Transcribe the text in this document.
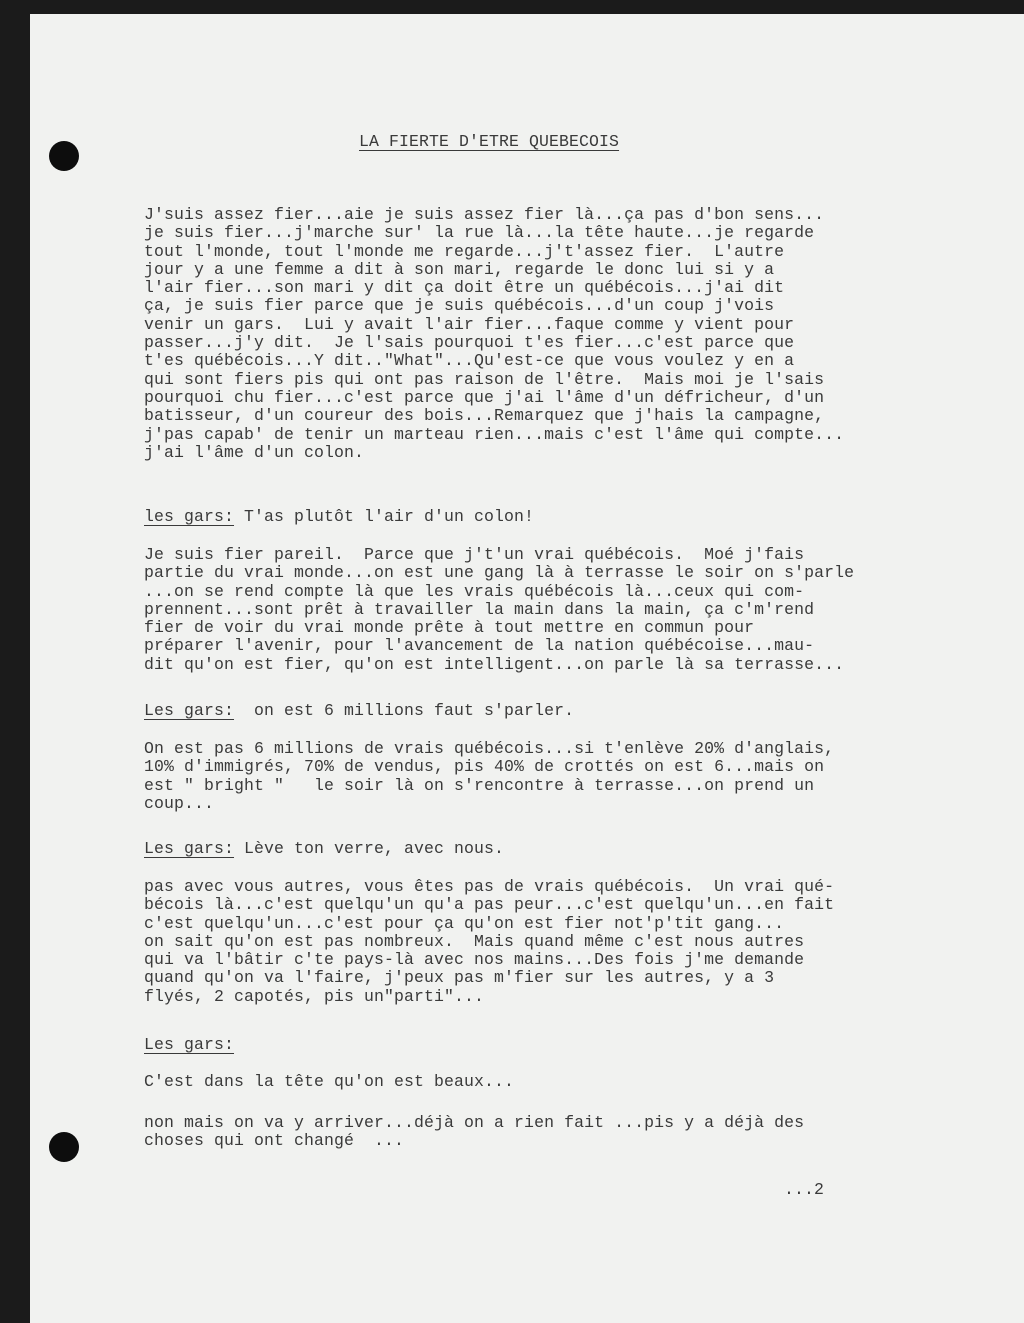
LA FIERTE D'ETRE QUEBECOIS

J'suis assez fier...aie je suis assez fier là...ça pas d'bon sens...
je suis fier...j'marche sur' la rue là...la tête haute...je regarde
tout l'monde, tout l'monde me regarde...j't'assez fier.  L'autre
jour y a une femme a dit à son mari, regarde le donc lui si y a
l'air fier...son mari y dit ça doit être un québécois...j'ai dit
ça, je suis fier parce que je suis québécois...d'un coup j'vois
venir un gars.  Lui y avait l'air fier...faque comme y vient pour
passer...j'y dit.  Je l'sais pourquoi t'es fier...c'est parce que
t'es québécois...Y dit.."What"...Qu'est-ce que vous voulez y en a
qui sont fiers pis qui ont pas raison de l'être.  Mais moi je l'sais
pourquoi chu fier...c'est parce que j'ai l'âme d'un défricheur, d'un
batisseur, d'un coureur des bois...Remarquez que j'hais la campagne,
j'pas capab' de tenir un marteau rien...mais c'est l'âme qui compte...
j'ai l'âme d'un colon.

les gars: T'as plutôt l'air d'un colon!

Je suis fier pareil.  Parce que j't'un vrai québécois.  Moé j'fais
partie du vrai monde...on est une gang là à terrasse le soir on s'parle
...on se rend compte là que les vrais québécois là...ceux qui com-
prennent...sont prêt à travailler la main dans la main, ça c'm'rend
fier de voir du vrai monde prête à tout mettre en commun pour
préparer l'avenir, pour l'avancement de la nation québécoise...mau-
dit qu'on est fier, qu'on est intelligent...on parle là sa terrasse...

Les gars:  on est 6 millions faut s'parler.

On est pas 6 millions de vrais québécois...si t'enlève 20% d'anglais,
10% d'immigrés, 70% de vendus, pis 40% de crottés on est 6...mais on
est " bright "   le soir là on s'rencontre à terrasse...on prend un
coup...

Les gars: Lève ton verre, avec nous.

pas avec vous autres, vous êtes pas de vrais québécois.  Un vrai qué-
bécois là...c'est quelqu'un qu'a pas peur...c'est quelqu'un...en fait
c'est quelqu'un...c'est pour ça qu'on est fier not'p'tit gang...
on sait qu'on est pas nombreux.  Mais quand même c'est nous autres
qui va l'bâtir c'te pays-là avec nos mains...Des fois j'me demande
quand qu'on va l'faire, j'peux pas m'fier sur les autres, y a 3
flyés, 2 capotés, pis un"parti"...

Les gars:

C'est dans la tête qu'on est beaux...

non mais on va y arriver...déjà on a rien fait ...pis y a déjà des
choses qui ont changé  ...

...2
